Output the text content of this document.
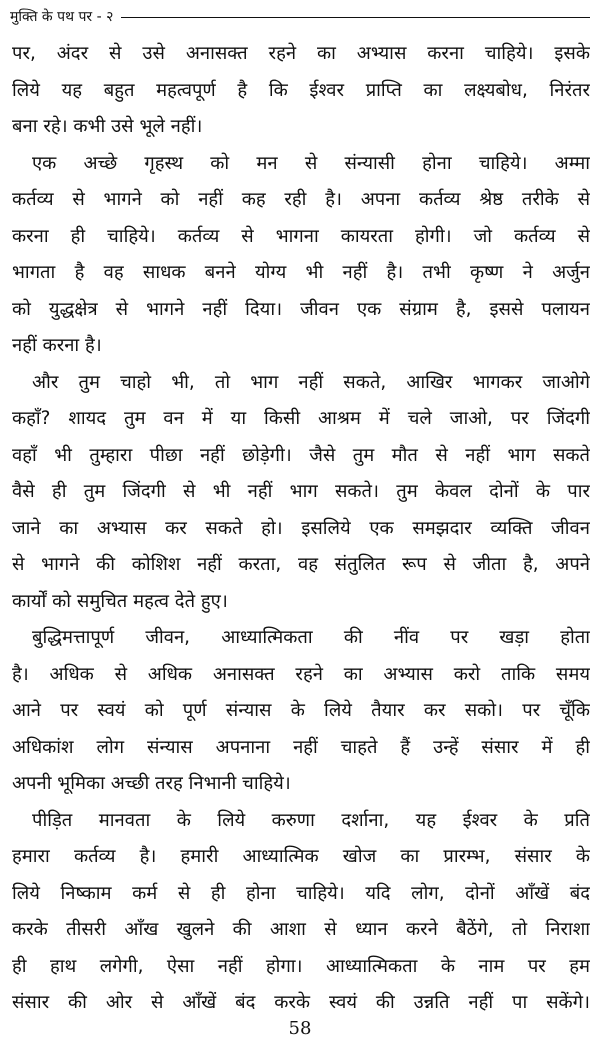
मुक्ति के पथ पर - २
पर, अंदर से उसे अनासक्त रहने का अभ्यास करना चाहिये। इसके
लिये यह बहुत महत्वपूर्ण है कि ईश्वर प्राप्ति का लक्ष्यबोध, निरंतर
बना रहे। कभी उसे भूले नहीं।
एक अच्छे गृहस्थ को मन से संन्यासी होना चाहिये। अम्मा
कर्तव्य से भागने को नहीं कह रही है। अपना कर्तव्य श्रेष्ठ तरीके से
करना ही चाहिये। कर्तव्य से भागना कायरता होगी। जो कर्तव्य से
भागता है वह साधक बनने योग्य भी नहीं है। तभी कृष्ण ने अर्जुन
को युद्धक्षेत्र से भागने नहीं दिया। जीवन एक संग्राम है, इससे पलायन
नहीं करना है।
और तुम चाहो भी, तो भाग नहीं सकते, आखिर भागकर जाओगे
कहाँ? शायद तुम वन में या किसी आश्रम में चले जाओ, पर जिंदगी
वहाँ भी तुम्हारा पीछा नहीं छोड़ेगी। जैसे तुम मौत से नहीं भाग सकते
वैसे ही तुम जिंदगी से भी नहीं भाग सकते। तुम केवल दोनों के पार
जाने का अभ्यास कर सकते हो। इसलिये एक समझदार व्यक्ति जीवन
से भागने की कोशिश नहीं करता, वह संतुलित रूप से जीता है, अपने
कार्यों को समुचित महत्व देते हुए।
बुद्धिमत्तापूर्ण जीवन, आध्यात्मिकता की नींव पर खड़ा होता
है। अधिक से अधिक अनासक्त रहने का अभ्यास करो ताकि समय
आने पर स्वयं को पूर्ण संन्यास के लिये तैयार कर सको। पर चूँकि
अधिकांश लोग संन्यास अपनाना नहीं चाहते हैं उन्हें संसार में ही
अपनी भूमिका अच्छी तरह निभानी चाहिये।
पीड़ित मानवता के लिये करुणा दर्शाना, यह ईश्वर के प्रति
हमारा कर्तव्य है। हमारी आध्यात्मिक खोज का प्रारम्भ, संसार के
लिये निष्काम कर्म से ही होना चाहिये। यदि लोग, दोनों आँखें बंद
करके तीसरी आँख खुलने की आशा से ध्यान करने बैठेंगे, तो निराशा
ही हाथ लगेगी, ऐसा नहीं होगा। आध्यात्मिकता के नाम पर हम
संसार की ओर से आँखें बंद करके स्वयं की उन्नति नहीं पा सकेंगे।
58
